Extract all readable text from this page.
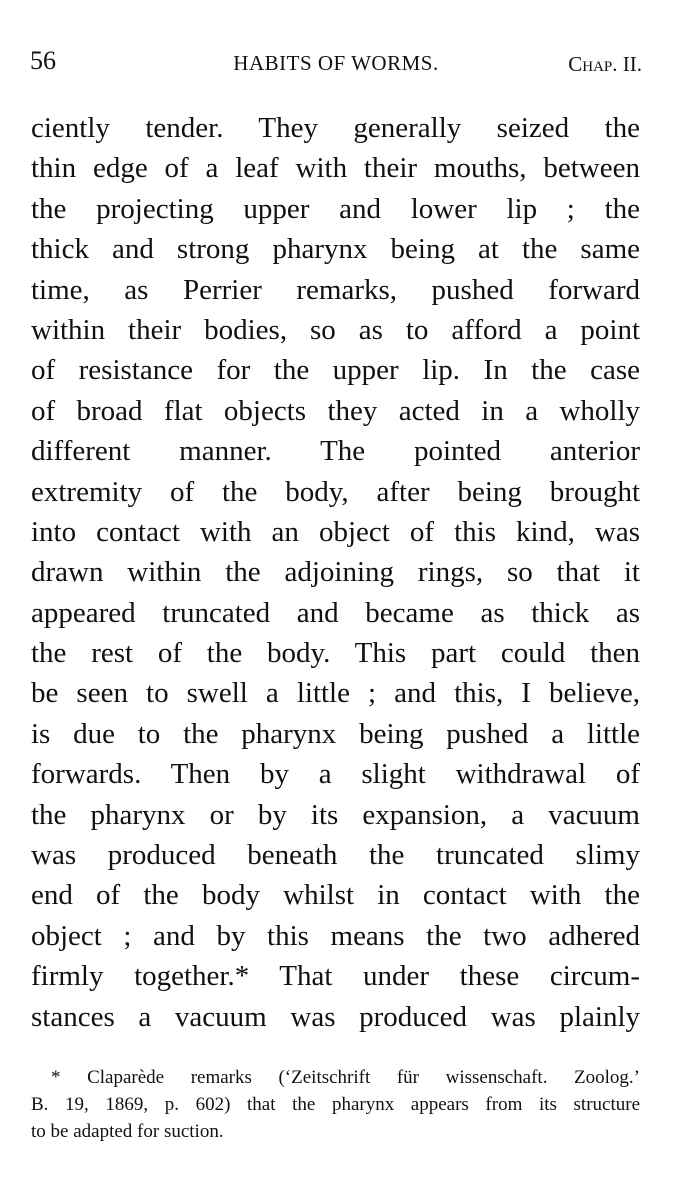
56	HABITS OF WORMS.	Chap. II.
ciently tender. They generally seized the
thin edge of a leaf with their mouths, between
the projecting upper and lower lip ; the
thick and strong pharynx being at the same
time, as Perrier remarks, pushed forward
within their bodies, so as to afford a point
of resistance for the upper lip. In the case
of broad flat objects they acted in a wholly
different manner. The pointed anterior
extremity of the body, after being brought
into contact with an object of this kind, was
drawn within the adjoining rings, so that it
appeared truncated and became as thick as
the rest of the body. This part could then
be seen to swell a little ; and this, I believe,
is due to the pharynx being pushed a little
forwards. Then by a slight withdrawal of
the pharynx or by its expansion, a vacuum
was produced beneath the truncated slimy
end of the body whilst in contact with the
object ; and by this means the two adhered
firmly together.* That under these circum-
stances a vacuum was produced was plainly
* Claparède remarks (‘Zeitschrift für wissenschaft. Zoolog.’
B. 19, 1869, p. 602) that the pharynx appears from its structure
to be adapted for suction.
